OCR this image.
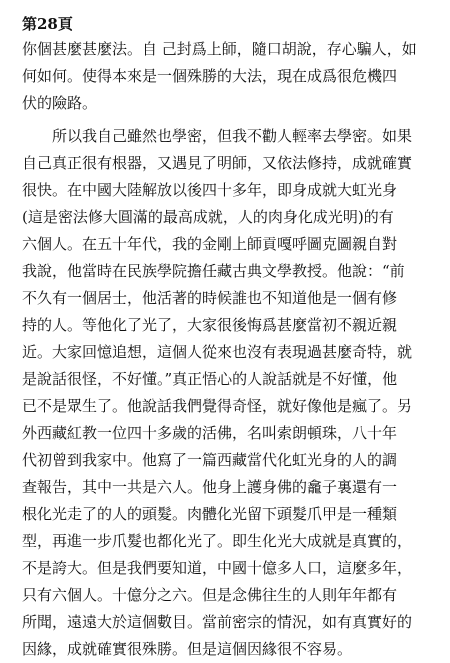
第28頁
你個甚麼甚麼法。自 己封爲上師，隨口胡說，存心騙人，如
何如何。使得本來是一個殊勝的大法，現在成爲很危機四
伏的險路。
所以我自己雖然也學密，但我不勸人輕率去學密。如果
自己真正很有根器，又遇見了明師，又依法修持，成就確實
很快。在中國大陸解放以後四十多年，即身成就大虹光身
(這是密法修大圓滿的最高成就，人的肉身化成光明)的有
六個人。在五十年代，我的金剛上師貢嘎呼圖克圖親自對
我說，他當時在民族學院擔任藏古典文學教授。他說：“前
不久有一個居士，他活著的時候誰也不知道他是一個有修
持的人。等他化了光了，大家很後悔爲甚麼當初不親近親
近。大家回憶追想，這個人從來也沒有表現過甚麼奇特，就
是說話很怪，不好懂。”真正悟心的人說話就是不好懂，他
已不是眾生了。他說話我們覺得奇怪，就好像他是瘋了。另
外西藏紅教一位四十多歲的活佛，名叫索朗頓珠，八十年
代初曾到我家中。他寫了一篇西藏當代化虹光身的人的調
查報告，其中一共是六人。他身上護身佛的龕子裏還有一
根化光走了的人的頭髮。肉體化光留下頭髮爪甲是一種類
型，再進一步爪髮也都化光了。即生化光大成就是真實的，
不是誇大。但是我們要知道，中國十億多人口，這麼多年，
只有六個人。十億分之六。但是念佛往生的人則年年都有
所聞，遠遠大於這個數目。當前密宗的情況，如有真實好的
因緣，成就確實很殊勝。但是這個因緣很不容易。
